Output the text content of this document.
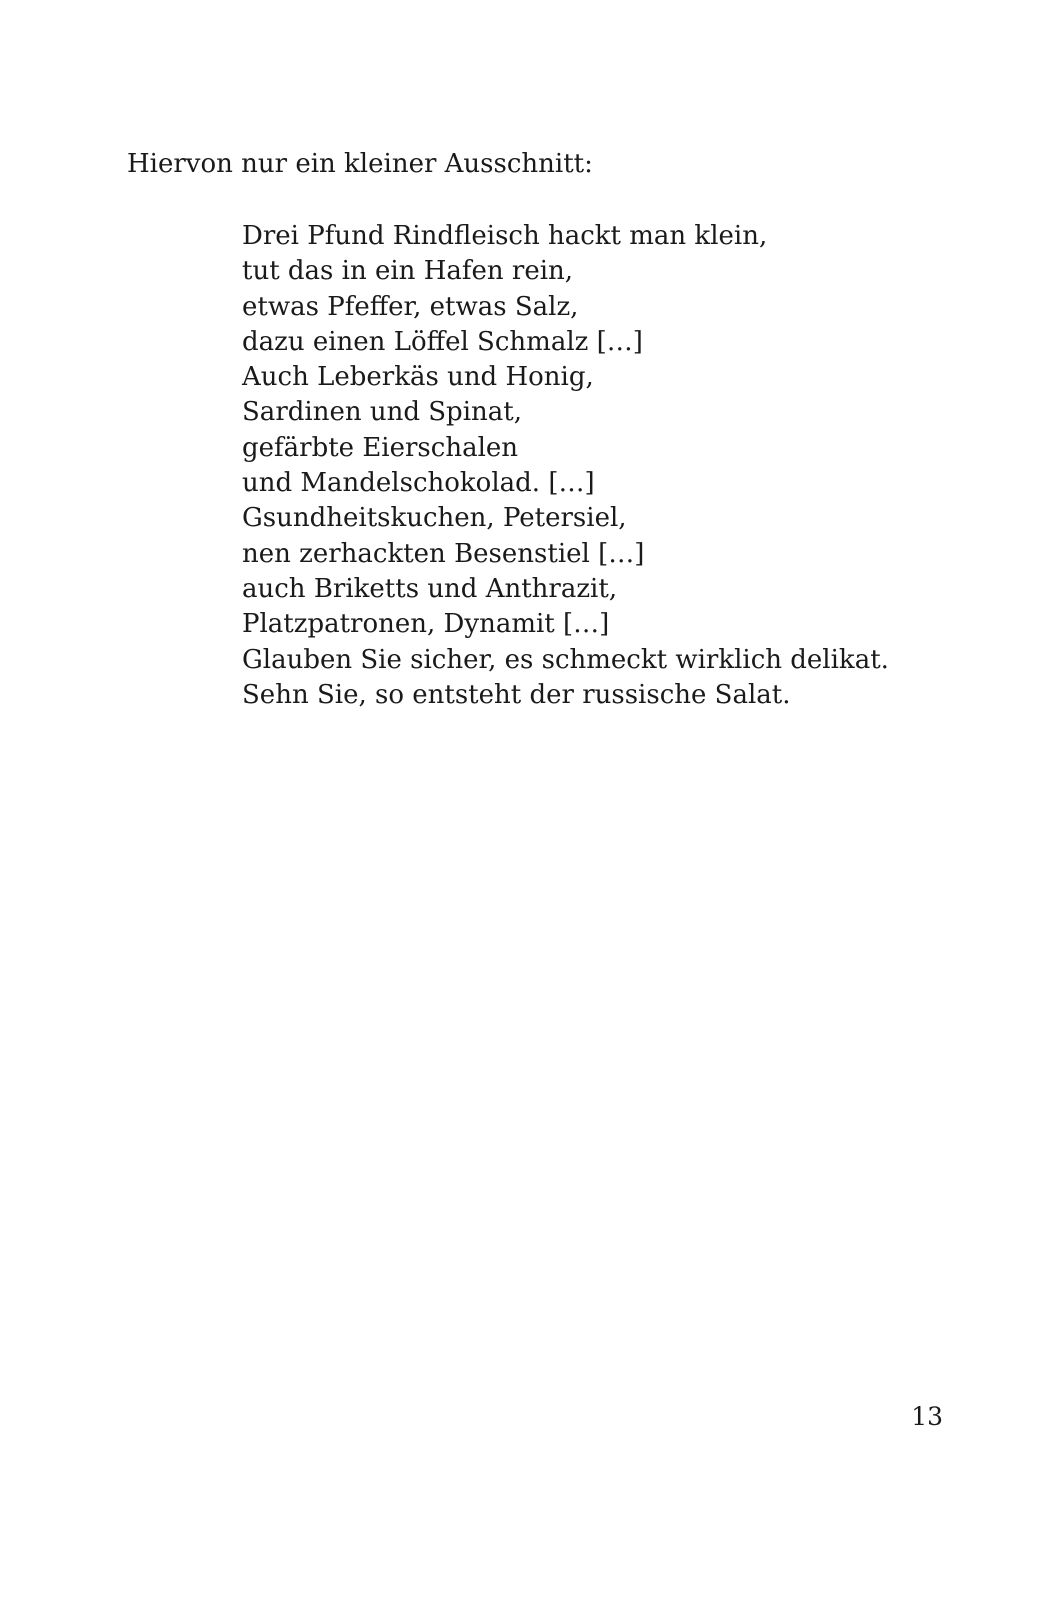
Hiervon nur ein kleiner Ausschnitt:

Drei Pfund Rindfleisch hackt man klein,
tut das in ein Hafen rein,
etwas Pfeffer, etwas Salz,
dazu einen Löffel Schmalz […]
Auch Leberkäs und Honig,
Sardinen und Spinat,
gefärbte Eierschalen
und Mandelschokolad. […]
Gsundheitskuchen, Petersiel,
nen zerhackten Besenstiel […]
auch Briketts und Anthrazit,
Platzpatronen, Dynamit […]
Glauben Sie sicher, es schmeckt wirklich delikat.
Sehn Sie, so entsteht der russische Salat.

13
